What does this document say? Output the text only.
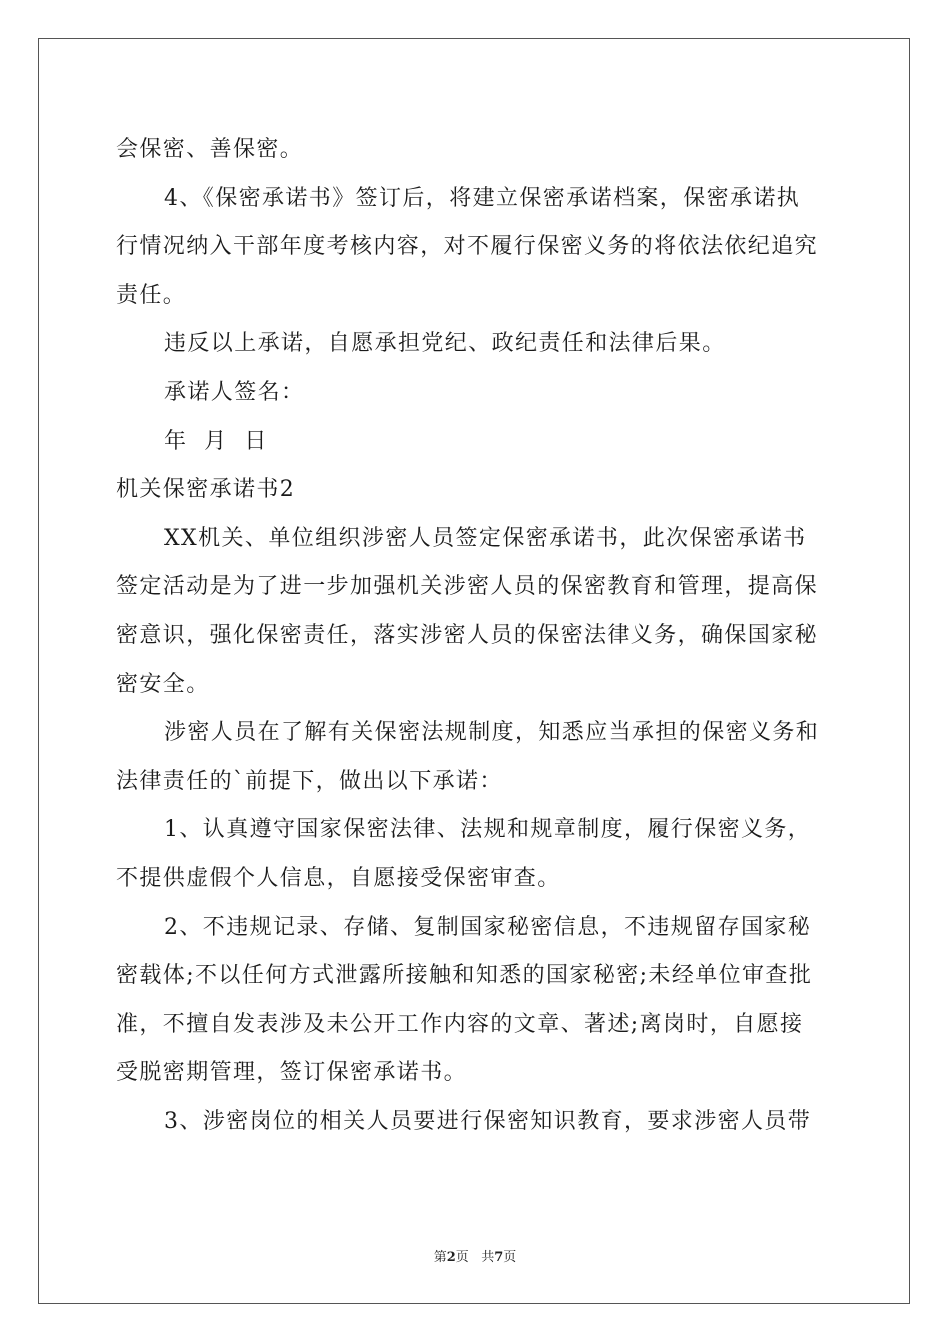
会保密、善保密。
4、《保密承诺书》签订后，将建立保密承诺档案，保密承诺执
行情况纳入干部年度考核内容，对不履行保密义务的将依法依纪追究
责任。
违反以上承诺，自愿承担党纪、政纪责任和法律后果。
承诺人签名：
年  月  日
机关保密承诺书2
XX机关、单位组织涉密人员签定保密承诺书，此次保密承诺书
签定活动是为了进一步加强机关涉密人员的保密教育和管理，提高保
密意识，强化保密责任，落实涉密人员的保密法律义务，确保国家秘
密安全。
涉密人员在了解有关保密法规制度，知悉应当承担的保密义务和
法律责任的`前提下，做出以下承诺：
1、认真遵守国家保密法律、法规和规章制度，履行保密义务，
不提供虚假个人信息，自愿接受保密审查。
2、不违规记录、存储、复制国家秘密信息，不违规留存国家秘
密载体;不以任何方式泄露所接触和知悉的国家秘密;未经单位审查批
准，不擅自发表涉及未公开工作内容的文章、著述;离岗时，自愿接
受脱密期管理，签订保密承诺书。
3、涉密岗位的相关人员要进行保密知识教育，要求涉密人员带
第2页 共7页
